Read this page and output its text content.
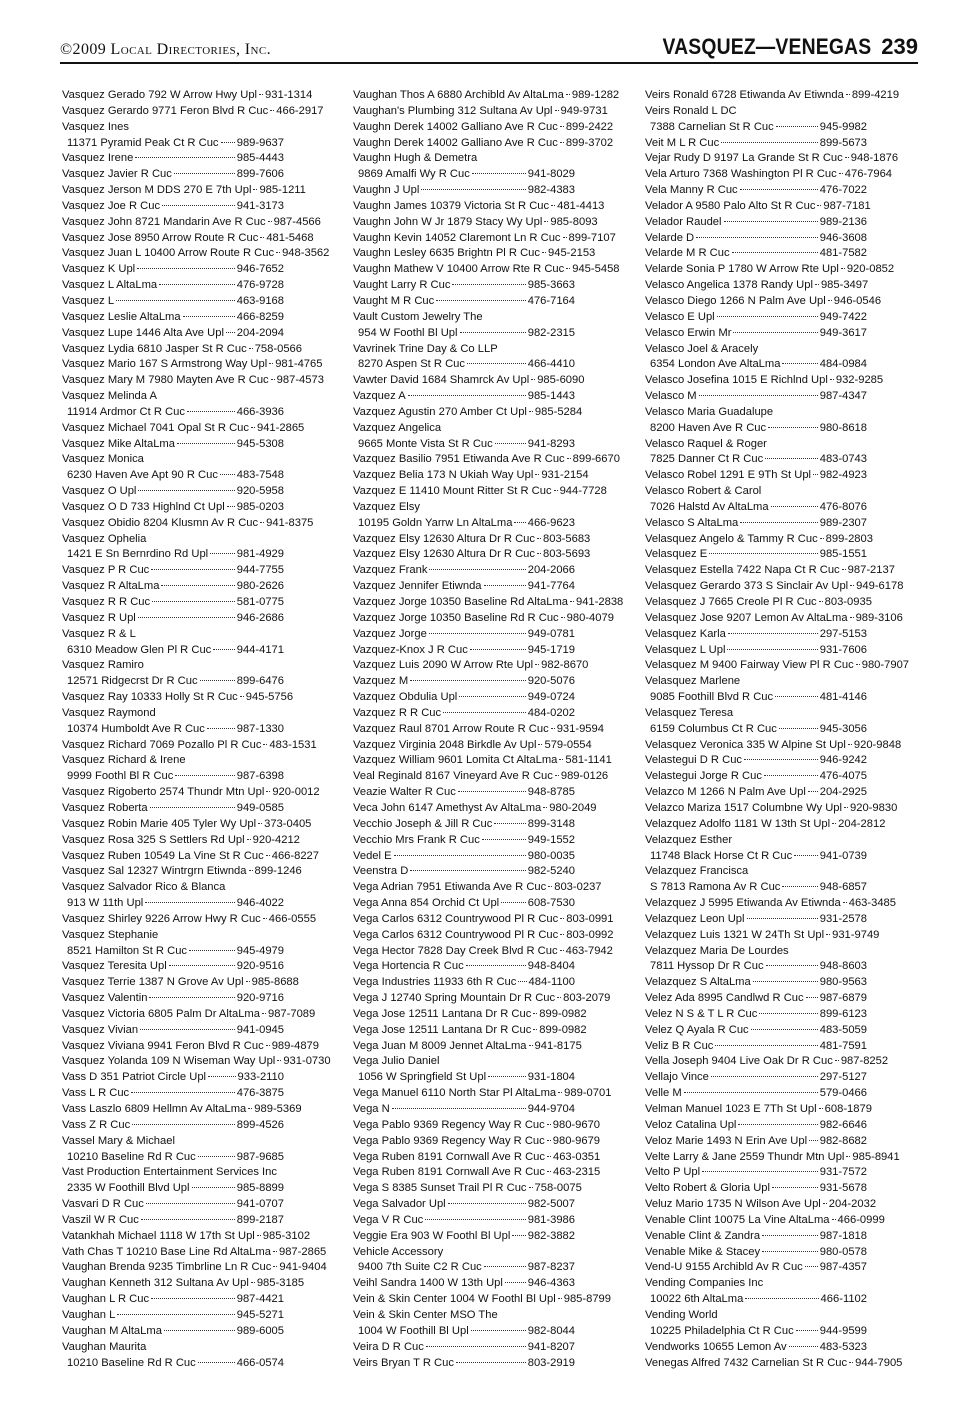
©2009 Local Directories, Inc.	VASQUEZ—VENEGAS 239
Vasquez Gerado 792 W Arrow Hwy Upl 931-1314
Vasquez Gerardo 9771 Feron Blvd R Cuc 466-2917
Vasquez Ines
11371 Pyramid Peak Ct R Cuc 989-9637
Vasquez Irene	985-4443
Vasquez Javier R Cuc	899-7606
Vasquez Jerson M DDS 270 E 7th Upl 985-1211
Vasquez Joe R Cuc	941-3173
Vasquez John 8721 Mandarin Ave R Cuc 987-4566
Vasquez Jose 8950 Arrow Route R Cuc 481-5468
Vasquez Juan L 10400 Arrow Route R Cuc 948-3562
Vasquez K Upl	946-7652
Vasquez L AltaLma	476-9728
Vasquez L	463-9168
Vasquez Leslie AltaLma	466-8259
Vasquez Lupe 1446 Alta Ave Upl 204-2094
Vasquez Lydia 6810 Jasper St R Cuc 758-0566
Vasquez Mario 167 S Armstrong Way Upl 981-4765
Vasquez Mary M 7980 Mayten Ave R Cuc 987-4573
Vasquez Melinda A
11914 Ardmor Ct R Cuc	466-3936
Vasquez Michael 7041 Opal St R Cuc 941-2865
Vasquez Mike AltaLma	945-5308
Vasquez Monica
6230 Haven Ave Apt 90 R Cuc 483-7548
Vasquez O Upl	920-5958
Vasquez O D 733 Highlnd Ct Upl 985-0203
Vasquez Obidio 8204 Klusmn Av R Cuc 941-8375
Vasquez Ophelia
1421 E Sn Bernrdino Rd Upl	981-4929
Vasquez P R Cuc	944-7755
Vasquez R AltaLma	980-2626
Vasquez R R Cuc	581-0775
Vasquez R Upl	946-2686
Vasquez R & L
6310 Meadow Glen Pl R Cuc 944-4171
Vasquez Ramiro
12571 Ridgecrst Dr R Cuc	899-6476
Vasquez Ray 10333 Holly St R Cuc 945-5756
Vasquez Raymond
10374 Humboldt Ave R Cuc	987-1330
Vasquez Richard 7069 Pozallo Pl R Cuc 483-1531
Vasquez Richard & Irene
9999 Foothl Bl R Cuc	987-6398
Vasquez Rigoberto 2574 Thundr Mtn Upl 920-0012
Vasquez Roberta	949-0585
Vasquez Robin Marie 405 Tyler Wy Upl 373-0405
Vasquez Rosa 325 S Settlers Rd Upl 920-4212
Vasquez Ruben 10549 La Vine St R Cuc 466-8227
Vasquez Sal 12327 Wintrgrn Etiwnda 899-1246
Vasquez Salvador Rico & Blanca
913 W 11th Upl	946-4022
Vasquez Shirley 9226 Arrow Hwy R Cuc 466-0555
Vasquez Stephanie
8521 Hamilton St R Cuc	945-4979
Vasquez Teresita Upl	920-9516
Vasquez Terrie 1387 N Grove Av Upl 985-8688
Vasquez Valentin	920-9716
Vasquez Victoria 6805 Palm Dr AltaLma 987-7089
Vasquez Vivian	941-0945
Vasquez Viviana 9941 Feron Blvd R Cuc 989-4879
Vasquez Yolanda 109 N Wiseman Way Upl 931-0730
Vass D 351 Patriot Circle Upl	933-2110
Vass L R Cuc	476-3875
Vass Laszlo 6809 Hellmn Av AltaLma 989-5369
Vass Z R Cuc	899-4526
Vassel Mary & Michael
10210 Baseline Rd R Cuc	987-9685
Vast Production Entertainment Services Inc
2335 W Foothill Blvd Upl	985-8899
Vasvari D R Cuc	941-0707
Vaszil W R Cuc	899-2187
Vatankhah Michael 1118 W 17th St Upl 985-3102
Vath Chas T 10210 Base Line Rd AltaLma 987-2865
Vaughan Brenda 9235 Timbrline Ln R Cuc 941-9404
Vaughan Kenneth 312 Sultana Av Upl 985-3185
Vaughan L R Cuc	987-4421
Vaughan L	945-5271
Vaughan M AltaLma	989-6005
Vaughan Maurita
10210 Baseline Rd R Cuc	466-0574
Vaughan Thos A 6880 Archibld Av AltaLma 989-1282
Vaughan's Plumbing 312 Sultana Av Upl 949-9731
Vaughn Derek 14002 Galliano Ave R Cuc 899-2422
Vaughn Derek 14002 Galliano Ave R Cuc 899-3702
Vaughn Hugh & Demetra
9869 Amalfi Wy R Cuc	941-8029
Vaughn J Upl	982-4383
Vaughn James 10379 Victoria St R Cuc 481-4413
Vaughn John W Jr 1879 Stacy Wy Upl 985-8093
Vaughn Kevin 14052 Claremont Ln R Cuc 899-7107
Vaughn Lesley 6635 Brightn Pl R Cuc 945-2153
Vaughn Mathew V 10400 Arrow Rte R Cuc 945-5458
Vaught Larry R Cuc	985-3663
Vaught M R Cuc	476-7164
Vault Custom Jewelry The
954 W Foothl Bl Upl	982-2315
Vavrinek Trine Day & Co LLP
8270 Aspen St R Cuc	466-4410
Vawter David 1684 Shamrck Av Upl 985-6090
Vazquez A	985-1443
Vazquez Agustin 270 Amber Ct Upl 985-5284
Vazquez Angelica
9665 Monte Vista St R Cuc	941-8293
Vazquez Basilio 7951 Etiwanda Ave R Cuc 899-6670
Vazquez Belia 173 N Ukiah Way Upl 931-2154
Vazquez E 11410 Mount Ritter St R Cuc 944-7728
Vazquez Elsy
10195 Goldn Yarrw Ln AltaLma 466-9623
Vazquez Elsy 12630 Altura Dr R Cuc 803-5683
Vazquez Elsy 12630 Altura Dr R Cuc 803-5693
Vazquez Frank	204-2066
Vazquez Jennifer Etiwnda	941-7764
Vazquez Jorge 10350 Baseline Rd AltaLma 941-2838
Vazquez Jorge 10350 Baseline Rd R Cuc 980-4079
Vazquez Jorge	949-0781
Vazquez-Knox J R Cuc	945-1719
Vazquez Luis 2090 W Arrow Rte Upl 982-8670
Vazquez M	920-5076
Vazquez Obdulia Upl	949-0724
Vazquez R R Cuc	484-0202
Vazquez Raul 8701 Arrow Route R Cuc 931-9594
Vazquez Virginia 2048 Birkdle Av Upl 579-0554
Vazquez William 9601 Lomita Ct AltaLma 581-1141
Veal Reginald 8167 Vineyard Ave R Cuc 989-0126
Veazie Walter R Cuc	948-8785
Veca John 6147 Amethyst Av AltaLma 980-2049
Vecchio Joseph & Jill R Cuc	899-3148
Vecchio Mrs Frank R Cuc	949-1552
Vedel E	980-0035
Veenstra D	982-5240
Vega Adrian 7951 Etiwanda Ave R Cuc 803-0237
Vega Anna 854 Orchid Ct Upl	608-7530
Vega Carlos 6312 Countrywood Pl R Cuc 803-0991
Vega Carlos 6312 Countrywood Pl R Cuc 803-0992
Vega Hector 7828 Day Creek Blvd R Cuc 463-7942
Vega Hortencia R Cuc	948-8404
Vega Industries 11933 6th R Cuc 484-1100
Vega J 12740 Spring Mountain Dr R Cuc 803-2079
Vega Jose 12511 Lantana Dr R Cuc 899-0982
Vega Jose 12511 Lantana Dr R Cuc 899-0982
Vega Juan M 8009 Jennet AltaLma 941-8175
Vega Julio Daniel
1056 W Springfield St Upl	931-1804
Vega Manuel 6110 North Star Pl AltaLma 989-0701
Vega N	944-9704
Vega Pablo 9369 Regency Way R Cuc 980-9670
Vega Pablo 9369 Regency Way R Cuc 980-9679
Vega Ruben 8191 Cornwall Ave R Cuc 463-0351
Vega Ruben 8191 Cornwall Ave R Cuc 463-2315
Vega S 8385 Sunset Trail Pl R Cuc 758-0075
Vega Salvador Upl	982-5007
Vega V R Cuc	981-3986
Veggie Era 903 W Foothl Bl Upl 982-3882
Vehicle Accessory
9400 7th Suite C2 R Cuc	987-8237
Veihl Sandra 1400 W 13th Upl 946-4363
Vein & Skin Center 1004 W Foothl Bl Upl 985-8799
Vein & Skin Center MSO The
1004 W Foothill Bl Upl	982-8044
Veira D R Cuc	941-8207
Veirs Bryan T R Cuc	803-2919
Veirs Ronald 6728 Etiwanda Av Etiwnda 899-4219
Veirs Ronald L DC
7388 Carnelian St R Cuc	945-9982
Veit M L R Cuc	899-5673
Vejar Rudy D 9197 La Grande St R Cuc 948-1876
Vela Arturo 7368 Washington Pl R Cuc 476-7964
Vela Manny R Cuc	476-7022
Velador A 9580 Palo Alto St R Cuc 987-7181
Velador Raudel	989-2136
Velarde D	946-3608
Velarde M R Cuc	481-7582
Velarde Sonia P 1780 W Arrow Rte Upl 920-0852
Velasco Angelica 1378 Randy Upl 985-3497
Velasco Diego 1266 N Palm Ave Upl 946-0546
Velasco E Upl	949-7422
Velasco Erwin Mr	949-3617
Velasco Joel & Aracely
6354 London Ave AltaLma	484-0984
Velasco Josefina 1015 E Richlnd Upl 932-9285
Velasco M	987-4347
Velasco Maria Guadalupe
8200 Haven Ave R Cuc	980-8618
Velasco Raquel & Roger
7825 Danner Ct R Cuc	483-0743
Velasco Robel 1291 E 9Th St Upl 982-4923
Velasco Robert & Carol
7026 Halstd Av AltaLma	476-8076
Velasco S AltaLma	989-2307
Velasquez Angelo & Tammy R Cuc 899-2803
Velasquez E	985-1551
Velasquez Estella 7422 Napa Ct R Cuc 987-2137
Velasquez Gerardo 373 S Sinclair Av Upl 949-6178
Velasquez J 7665 Creole Pl R Cuc 803-0935
Velasquez Jose 9207 Lemon Av AltaLma 989-3106
Velasquez Karla	297-5153
Velasquez L Upl	931-7606
Velasquez M 9400 Fairway View Pl R Cuc 980-7907
Velasquez Marlene
9085 Foothill Blvd R Cuc	481-4146
Velasquez Teresa
6159 Columbus Ct R Cuc	945-3056
Velasquez Veronica 335 W Alpine St Upl 920-9848
Velastegui D R Cuc	946-9242
Velastegui Jorge R Cuc	476-4075
Velazco M 1266 N Palm Ave Upl 204-2925
Velazco Mariza 1517 Columbne Wy Upl 920-9830
Velazquez Adolfo 1181 W 13th St Upl 204-2812
Velazquez Esther
11748 Black Horse Ct R Cuc 941-0739
Velazquez Francisca
S 7813 Ramona Av R Cuc	948-6857
Velazquez J 5995 Etiwanda Av Etiwnda 463-3485
Velazquez Leon Upl	931-2578
Velazquez Luis 1321 W 24Th St Upl 931-9749
Velazquez Maria De Lourdes
7811 Hyssop Dr R Cuc	948-8603
Velazquez S AltaLma	980-9563
Velez Ada 8995 Candlwd R Cuc 987-6879
Velez N S & T L R Cuc	899-6123
Velez Q Ayala R Cuc	483-5059
Veliz B R Cuc	481-7591
Vella Joseph 9404 Live Oak Dr R Cuc 987-8252
Vellajo Vince	297-5127
Velle M	579-0466
Velman Manuel 1023 E 7Th St Upl 608-1879
Veloz Catalina Upl	982-6646
Veloz Marie 1493 N Erin Ave Upl 982-8682
Velte Larry & Jane 2559 Thundr Mtn Upl 985-8941
Velto P Upl	931-7572
Velto Robert & Gloria Upl	931-5678
Veluz Mario 1735 N Wilson Ave Upl 204-2032
Venable Clint 10075 La Vine AltaLma 466-0999
Venable Clint & Zandra	987-1818
Venable Mike & Stacey	980-0578
Vend-U 9155 Archibld Av R Cuc 987-4357
Vending Companies Inc
10022 6th AltaLma	466-1102
Vending World
10225 Philadelphia Ct R Cuc 944-9599
Vendworks 10655 Lemon Av	483-5323
Venegas Alfred 7432 Carnelian St R Cuc 944-7905
